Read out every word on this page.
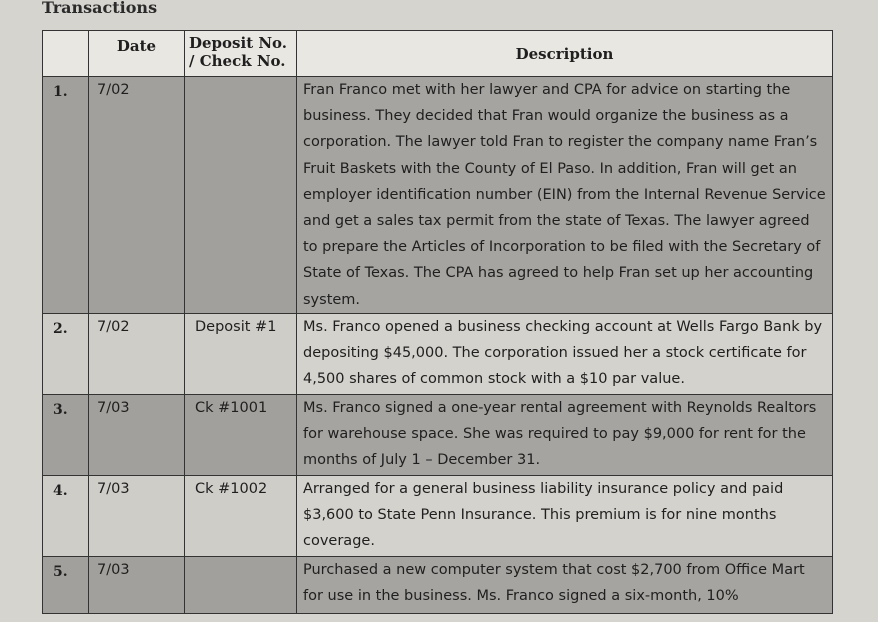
Transactions
	Date	Deposit No.
/ Check No.	Description
1.	7/02		Fran Franco met with her lawyer and CPA for advice on starting the business. They decided that Fran would organize the business as a corporation. The lawyer told Fran to register the company name Fran’s Fruit Baskets with the County of El Paso. In addition, Fran will get an employer identification number (EIN) from the Internal Revenue Service and get a sales tax permit from the state of Texas. The lawyer agreed to prepare the Articles of Incorporation to be filed with the Secretary of State of Texas. The CPA has agreed to help Fran set up her accounting system.
2.	7/02	Deposit #1	Ms. Franco opened a business checking account at Wells Fargo Bank by depositing $45,000. The corporation issued her a stock certificate for 4,500 shares of common stock with a $10 par value.
3.	7/03	Ck #1001	Ms. Franco signed a one-year rental agreement with Reynolds Realtors for warehouse space. She was required to pay $9,000 for rent for the months of July 1 – December 31.
4.	7/03	Ck #1002	Arranged for a general business liability insurance policy and paid $3,600 to State Penn Insurance. This premium is for nine months coverage.
5.	7/03		Purchased a new computer system that cost $2,700 from Office Mart for use in the business. Ms. Franco signed a six-month, 10%
